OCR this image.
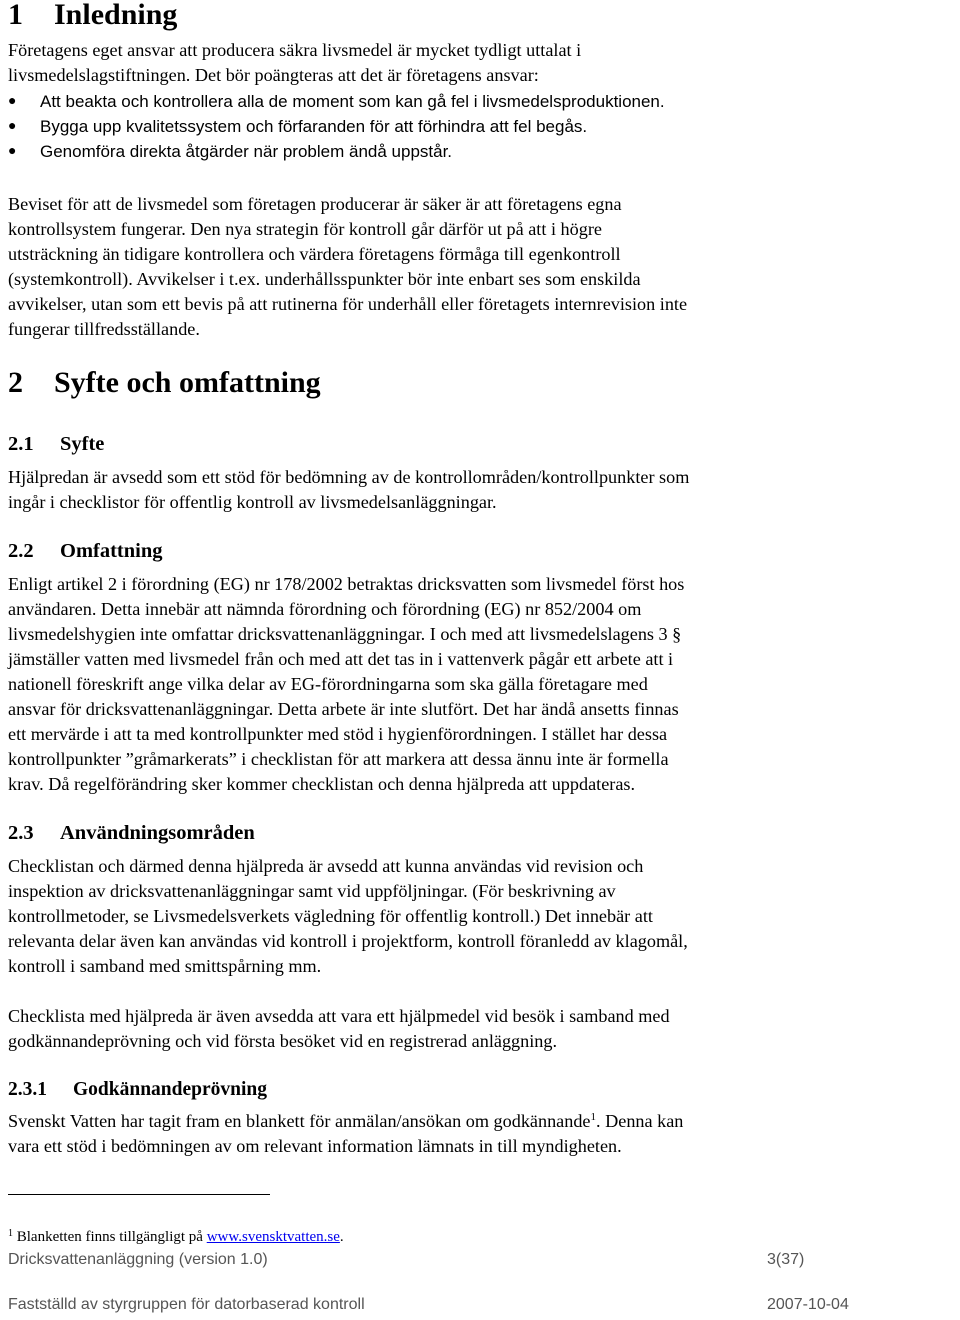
1 Inledning
Företagens eget ansvar att producera säkra livsmedel är mycket tydligt uttalat i
livsmedelslagstiftningen. Det bör poängteras att det är företagens ansvar:
● Att beakta och kontrollera alla de moment som kan gå fel i livsmedelsproduktionen.
● Bygga upp kvalitetssystem och förfaranden för att förhindra att fel begås.
● Genomföra direkta åtgärder när problem ändå uppstår.
Beviset för att de livsmedel som företagen producerar är säker är att företagens egna
kontrollsystem fungerar. Den nya strategin för kontroll går därför ut på att i högre
utsträckning än tidigare kontrollera och värdera företagens förmåga till egenkontroll
(systemkontroll). Avvikelser i t.ex. underhållsspunkter bör inte enbart ses som enskilda
avvikelser, utan som ett bevis på att rutinerna för underhåll eller företagets internrevision inte
fungerar tillfredsställande.
2 Syfte och omfattning
2.1 Syfte
Hjälpredan är avsedd som ett stöd för bedömning av de kontrollområden/kontrollpunkter som
ingår i checklistor för offentlig kontroll av livsmedelsanläggningar.
2.2 Omfattning
Enligt artikel 2 i förordning (EG) nr 178/2002 betraktas dricksvatten som livsmedel först hos
användaren. Detta innebär att nämnda förordning och förordning (EG) nr 852/2004 om
livsmedelshygien inte omfattar dricksvattenanläggningar. I och med att livsmedelslagens 3 §
jämställer vatten med livsmedel från och med att det tas in i vattenverk pågår ett arbete att i
nationell föreskrift ange vilka delar av EG-förordningarna som ska gälla företagare med
ansvar för dricksvattenanläggningar. Detta arbete är inte slutfört. Det har ändå ansetts finnas
ett mervärde i att ta med kontrollpunkter med stöd i hygienförordningen. I stället har dessa
kontrollpunkter ”gråmarkerats” i checklistan för att markera att dessa ännu inte är formella
krav. Då regelförändring sker kommer checklistan och denna hjälpreda att uppdateras.
2.3 Användningsområden
Checklistan och därmed denna hjälpreda är avsedd att kunna användas vid revision och
inspektion av dricksvattenanläggningar samt vid uppföljningar. (För beskrivning av
kontrollmetoder, se Livsmedelsverkets vägledning för offentlig kontroll.) Det innebär att
relevanta delar även kan användas vid kontroll i projektform, kontroll föranledd av klagomål,
kontroll i samband med smittspårning mm.
Checklista med hjälpreda är även avsedda att vara ett hjälpmedel vid besök i samband med
godkännandeprövning och vid första besöket vid en registrerad anläggning.
2.3.1 Godkännandeprövning
Svenskt Vatten har tagit fram en blankett för anmälan/ansökan om godkännande$^1$. Denna kan
vara ett stöd i bedömningen av om relevant information lämnats in till myndigheten.
$^1$ Blanketten finns tillgängligt på www.svensktvatten.se.
Dricksvattenanläggning (version 1.0)	3(37)
Fastställd av styrgruppen för datorbaserad kontroll	2007-10-04
